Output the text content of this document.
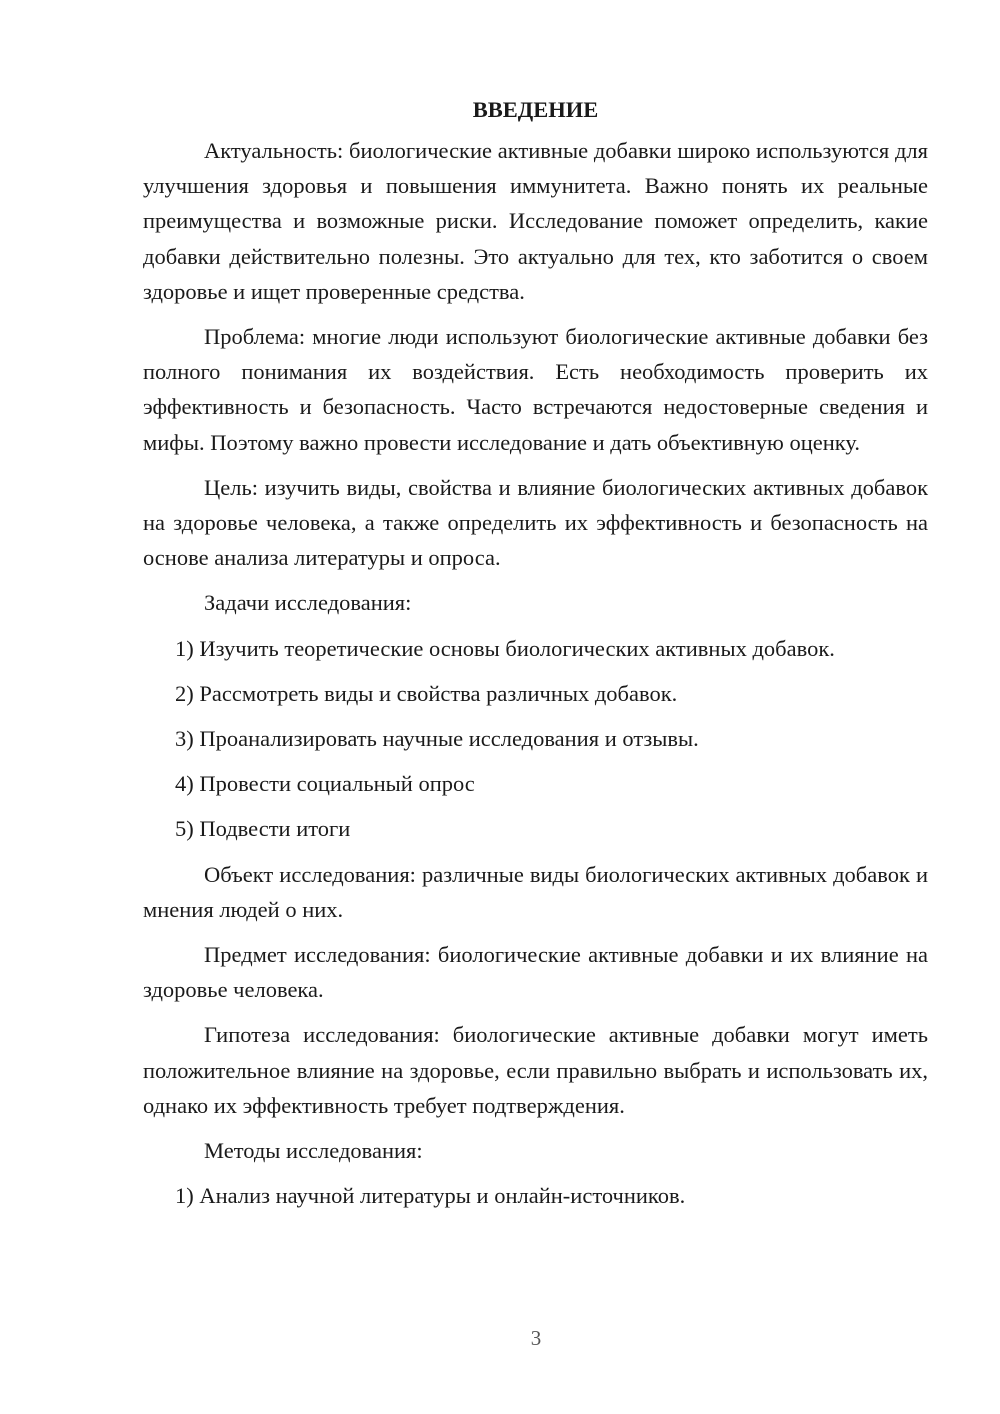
ВВЕДЕНИЕ

Актуальность: биологические активные добавки широко используются для улучшения здоровья и повышения иммунитета. Важно понять их реальные преимущества и возможные риски. Исследование поможет определить, какие добавки действительно полезны. Это актуально для тех, кто заботится о своем здоровье и ищет проверенные средства.

Проблема: многие люди используют биологические активные добавки без полного понимания их воздействия. Есть необходимость проверить их эффективность и безопасность. Часто встречаются недостоверные сведения и мифы. Поэтому важно провести исследование и дать объективную оценку.

Цель: изучить виды, свойства и влияние биологических активных добавок на здоровье человека, а также определить их эффективность и безопасность на основе анализа литературы и опроса.

Задачи исследования:

1) Изучить теоретические основы биологических активных добавок.

2) Рассмотреть виды и свойства различных добавок.

3) Проанализировать научные исследования и отзывы.

4) Провести социальный опрос

5) Подвести итоги

Объект исследования: различные виды биологических активных добавок и мнения людей о них.

Предмет исследования: биологические активные добавки и их влияние на здоровье человека.

Гипотеза исследования: биологические активные добавки могут иметь положительное влияние на здоровье, если правильно выбрать и использовать их, однако их эффективность требует подтверждения.

Методы исследования:

1) Анализ научной литературы и онлайн-источников.

3
